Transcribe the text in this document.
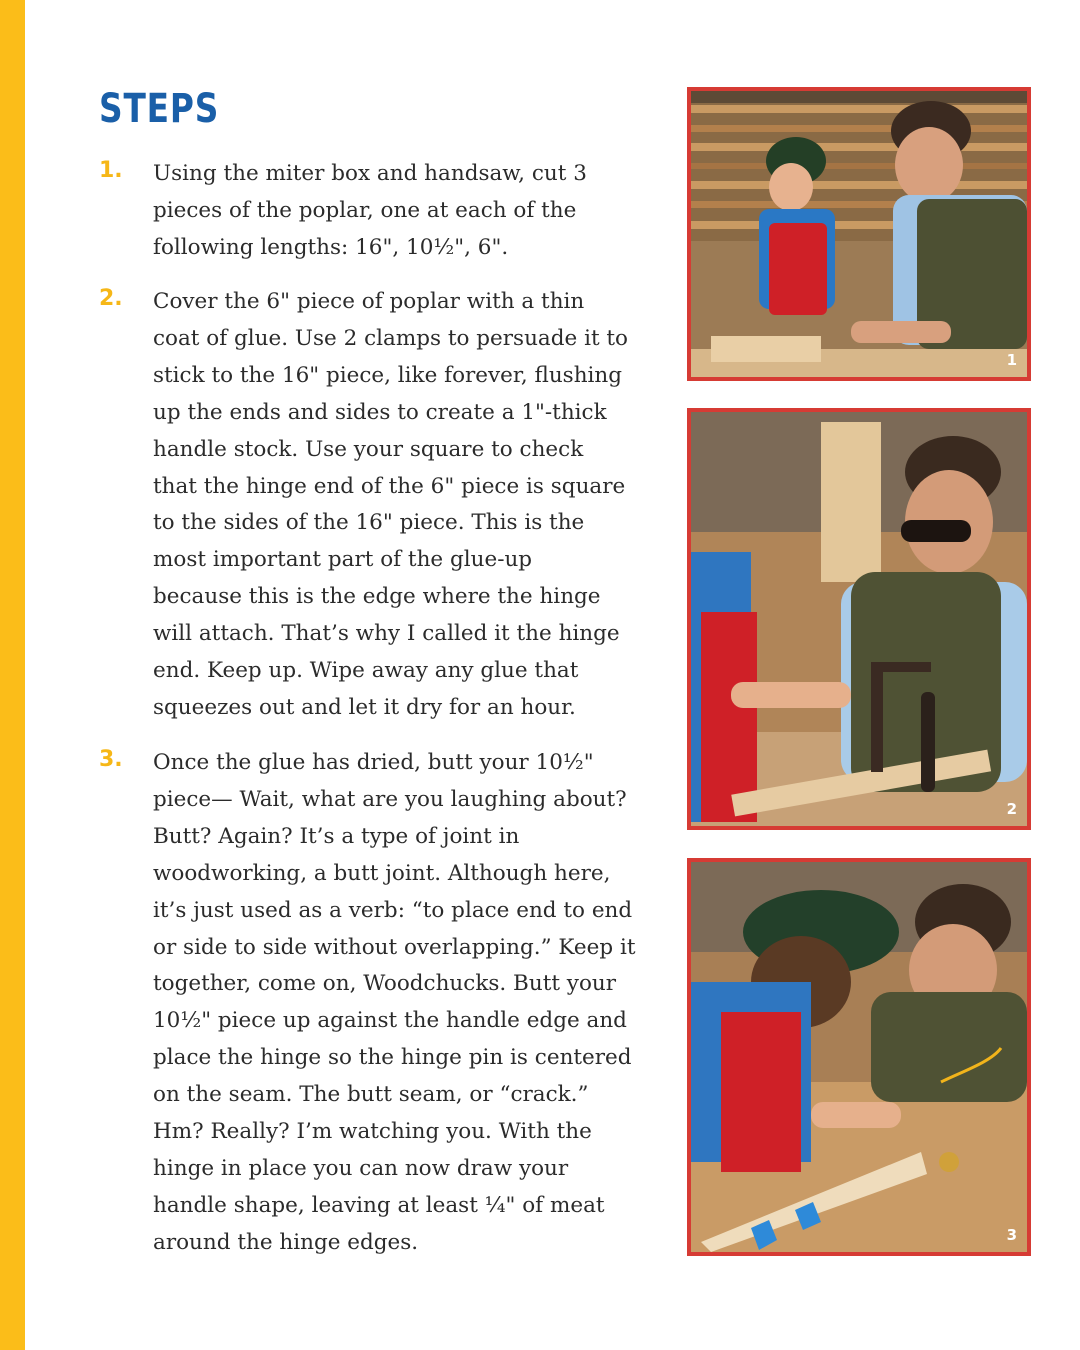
STEPS
1. Using the miter box and handsaw, cut 3
pieces of the poplar, one at each of the
following lengths: 16", 10½", 6".

2. Cover the 6" piece of poplar with a thin
coat of glue. Use 2 clamps to persuade it to
stick to the 16" piece, like forever, flushing
up the ends and sides to create a 1"-thick
handle stock. Use your square to check
that the hinge end of the 6" piece is square
to the sides of the 16" piece. This is the
most important part of the glue-up
because this is the edge where the hinge
will attach. That’s why I called it the hinge
end. Keep up. Wipe away any glue that
squeezes out and let it dry for an hour.

3. Once the glue has dried, butt your 10½"
piece— Wait, what are you laughing about?
Butt? Again? It’s a type of joint in
woodworking, a butt joint. Although here,
it’s just used as a verb: “to place end to end
or side to side without overlapping.” Keep it
together, come on, Woodchucks. Butt your
10½" piece up against the handle edge and
place the hinge so the hinge pin is centered
on the seam. The butt seam, or “crack.”
Hm? Really? I’m watching you. With the
hinge in place you can now draw your
handle shape, leaving at least ¼" of meat
around the hinge edges.

1
2
3
